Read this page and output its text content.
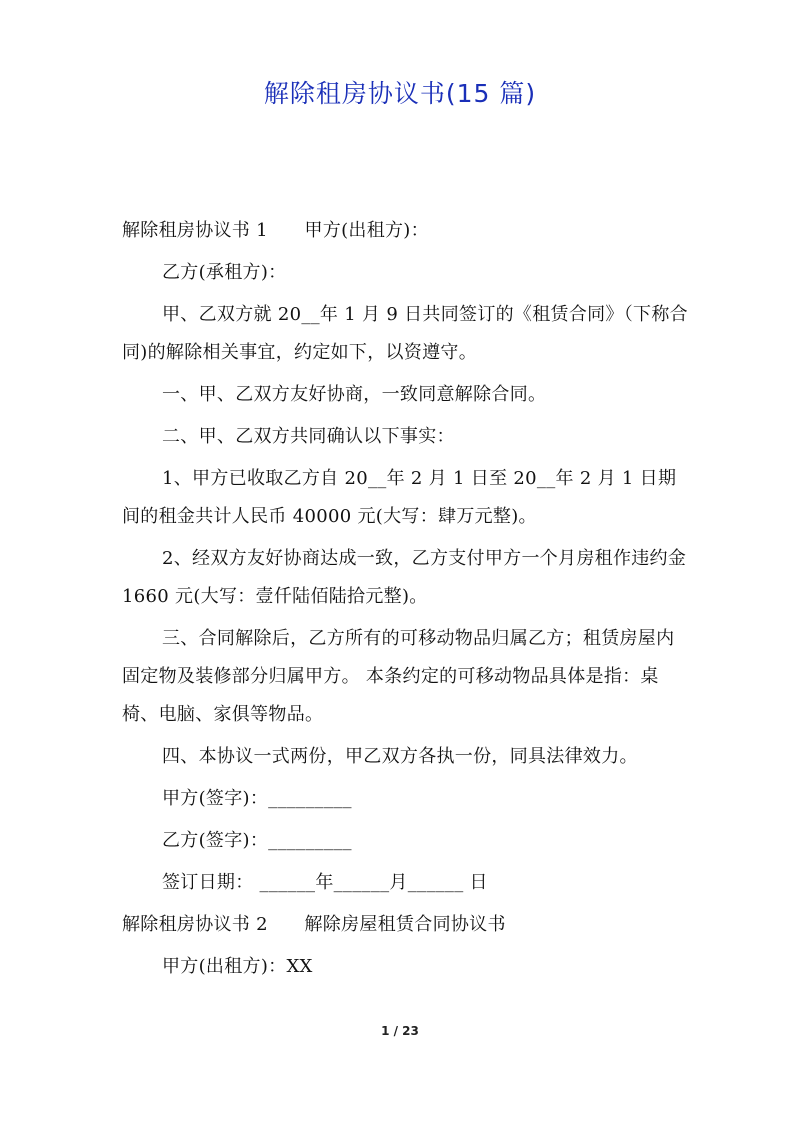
解除租房协议书(15 篇)

解除租房协议书 1　　甲方(出租方)：

乙方(承租方)：

甲、乙双方就 20__年 1 月 9 日共同签订的《租赁合同》（下称合同)的解除相关事宜，约定如下，以资遵守。

一、甲、乙双方友好协商，一致同意解除合同。

二、甲、乙双方共同确认以下事实：

1、甲方已收取乙方自 20__年 2 月 1 日至 20__年 2 月 1 日期间的租金共计人民币 40000 元(大写：肆万元整)。

2、经双方友好协商达成一致，乙方支付甲方一个月房租作违约金 1660 元(大写：壹仟陆佰陆拾元整)。

三、合同解除后，乙方所有的可移动物品归属乙方；租赁房屋内固定物及装修部分归属甲方。 本条约定的可移动物品具体是指：桌椅、电脑、家俱等物品。

四、本协议一式两份，甲乙双方各执一份，同具法律效力。

甲方(签字)：_________

乙方(签字)：_________

签订日期： ______年______月______ 日

解除租房协议书 2　　解除房屋租赁合同协议书

甲方(出租方)：XX

1 / 23
